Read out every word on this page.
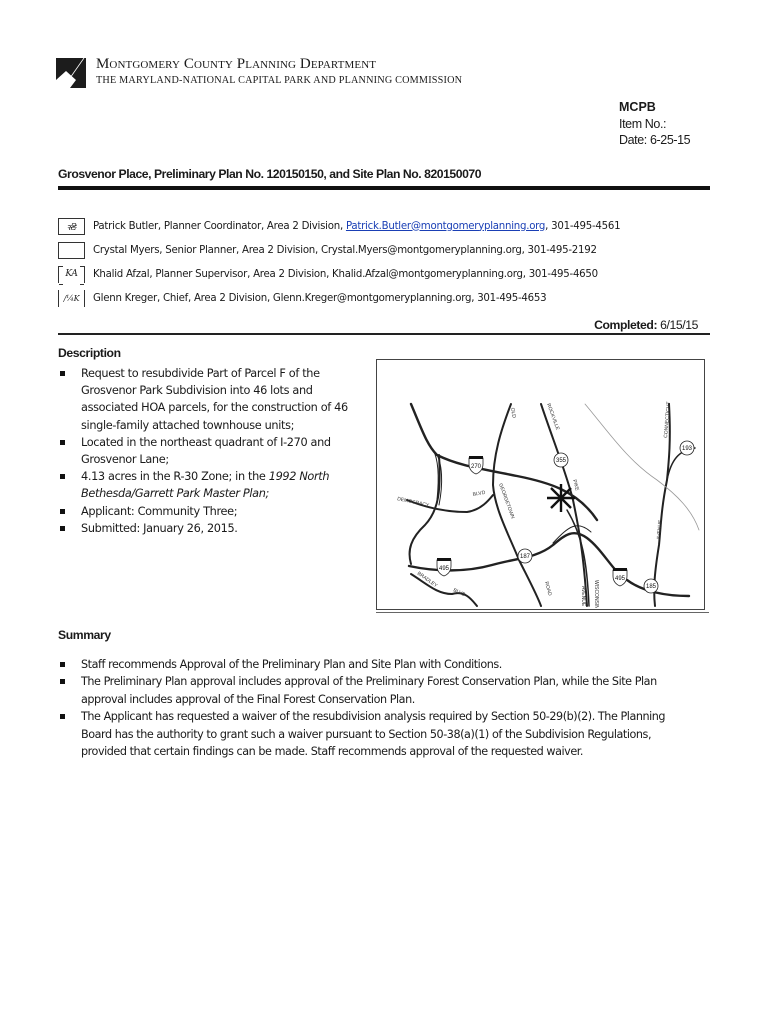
Montgomery County Planning Department
THE MARYLAND-NATIONAL CAPITAL PARK AND PLANNING COMMISSION
MCPB
Item No.:
Date: 6-25-15
Grosvenor Place, Preliminary Plan No. 120150150, and Site Plan No. 820150070
ꝛ₴ Patrick Butler, Planner Coordinator, Area 2 Division, Patrick.Butler@montgomeryplanning.org, 301-495-4561
Crystal Myers, Senior Planner, Area 2 Division, Crystal.Myers@montgomeryplanning.org, 301-495-2192
KA Khalid Afzal, Planner Supervisor, Area 2 Division, Khalid.Afzal@montgomeryplanning.org, 301-495-4650
/¼K Glenn Kreger, Chief, Area 2 Division, Glenn.Kreger@montgomeryplanning.org, 301-495-4653
Completed: 6/15/15
Description
Request to resubdivide Part of Parcel F of the Grosvenor Park Subdivision into 46 lots and associated HOA parcels, for the construction of 46 single-family attached townhouse units;
Located in the northeast quadrant of I-270 and Grosvenor Lane;
4.13 acres in the R-30 Zone; in the 1992 North Bethesda/Garrett Park Master Plan;
Applicant: Community Three;
Submitted: January 26, 2015.
270
495
495
355
187
185
193
DEMOCRACY
BLVD
OLD
GEORGETOWN
ROCKVILLE
PIKE
CONNECTICUT
AVENUE
BRADLEY
BLVD	ROAD	WISCONSIN
AVENUE
Summary
Staff recommends Approval of the Preliminary Plan and Site Plan with Conditions.
The Preliminary Plan approval includes approval of the Preliminary Forest Conservation Plan, while the Site Plan approval includes approval of the Final Forest Conservation Plan.
The Applicant has requested a waiver of the resubdivision analysis required by Section 50-29(b)(2). The Planning Board has the authority to grant such a waiver pursuant to Section 50-38(a)(1) of the Subdivision Regulations, provided that certain findings can be made. Staff recommends approval of the requested waiver.
